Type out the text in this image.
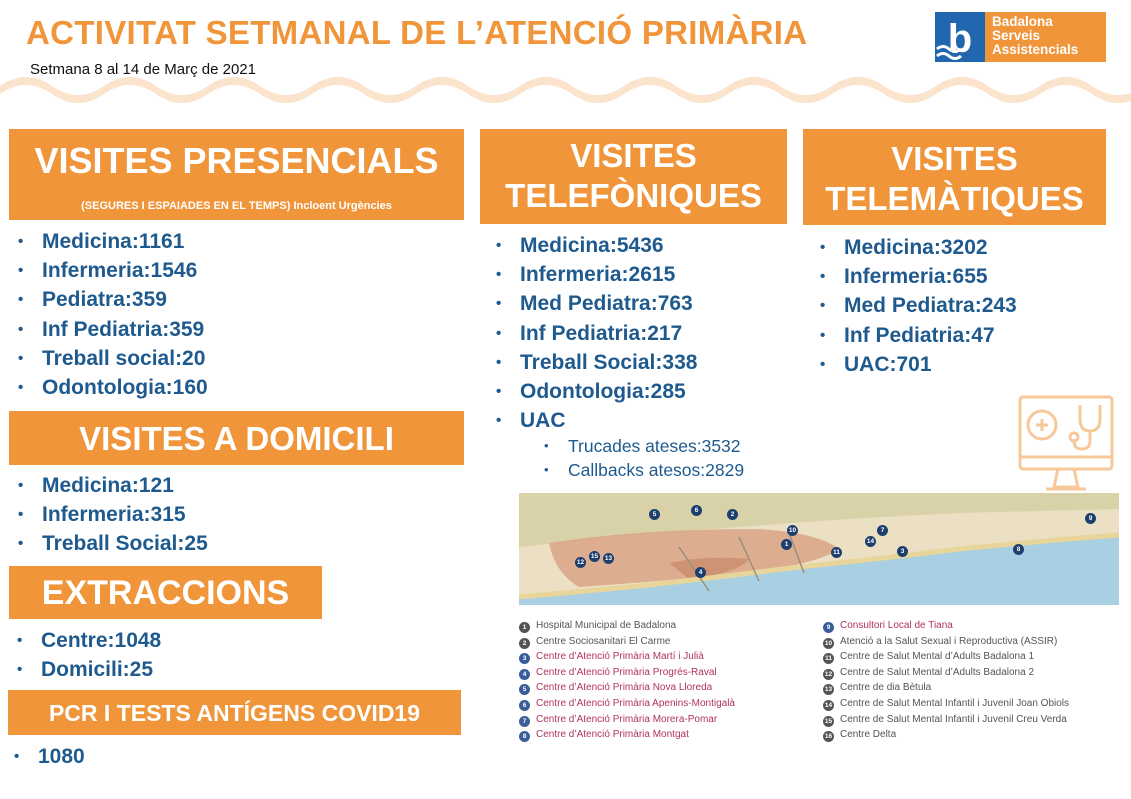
ACTIVITAT SETMANAL DE L’ATENCIÓ PRIMÀRIA
Setmana 8 al 14 de Març de 2021
b Badalona
Serveis
Assistencials
VISITES PRESENCIALS
(SEGURES I ESPAIADES EN EL TEMPS) Incloent Urgències
• Medicina:1161
• Infermeria:1546
• Pediatra:359
• Inf Pediatria:359
• Treball social:20
• Odontologia:160
VISITES A DOMICILI
• Medicina:121
• Infermeria:315
• Treball Social:25
EXTRACCIONS
• Centre:1048
• Domicili:25
PCR I TESTS ANTÍGENS COVID19
• 1080
VISITES
TELEFÒNIQUES
• Medicina:5436
• Infermeria:2615
• Med Pediatra:763
• Inf Pediatria:217
• Treball Social:338
• Odontologia:285
• UAC
• Trucades ateses:3532
• Callbacks atesos:2829
VISITES
TELEMÀTIQUES
• Medicina:3202
• Infermeria:655
• Med Pediatra:243
• Inf Pediatria:47
• UAC:701
5
6
2
10
1
12
15 13
11
14
7
3	8
9
4
1 Hospital Municipal de Badalona
2 Centre Sociosanitari El Carme
3 Centre d’Atenció Primària Martí i Julià
4 Centre d’Atenció Primària Progrés-Raval
5 Centre d’Atenció Primària Nova Lloreda
6 Centre d’Atenció Primària Apenins-Montigalà
7 Centre d’Atenció Primària Morera-Pomar
8 Centre d’Atenció Primària Montgat
9 Consultori Local de Tiana
10 Atenció a la Salut Sexual i Reproductiva (ASSIR)
11 Centre de Salut Mental d’Adults Badalona 1
12 Centre de Salut Mental d’Adults Badalona 2
13 Centre de dia Bètula
14 Centre de Salut Mental Infantil i Juvenil Joan Obiols
15 Centre de Salut Mental Infantil i Juvenil Creu Verda
16 Centre Delta
